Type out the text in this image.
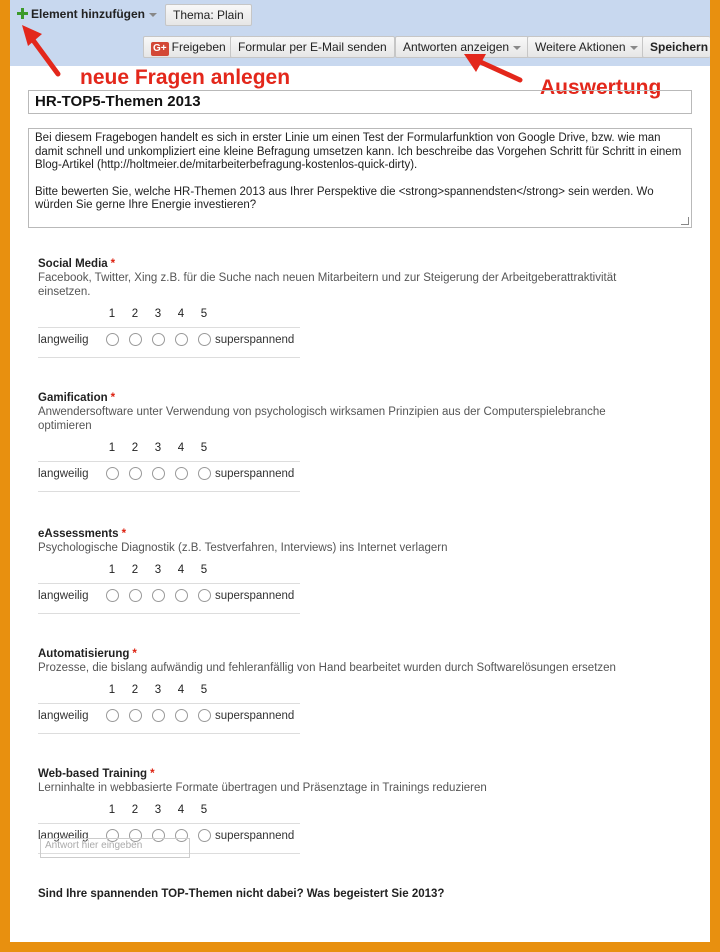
Element hinzufügen	Thema: Plain
G+ Freigeben	Formular per E-Mail senden	Antworten anzeigen	Weitere Aktionen	Speichern
neue Fragen anlegen	Auswertung
HR-TOP5-Themen 2013

Bei diesem Fragebogen handelt es sich in erster Linie um einen Test der Formularfunktion von Google Drive, bzw. wie man damit schnell und unkompliziert eine kleine Befragung umsetzen kann. Ich beschreibe das Vorgehen Schritt für Schritt in einem Blog-Artikel (http://holtmeier.de/mitarbeiterbefragung-kostenlos-quick-dirty).

Bitte bewerten Sie, welche HR-Themen 2013 aus Ihrer Perspektive die <strong>spannendsten</strong> sein werden. Wo würden Sie gerne Ihre Energie investieren?

Social Media *
Facebook, Twitter, Xing z.B. für die Suche nach neuen Mitarbeitern und zur Steigerung der Arbeitgeberattraktivität einsetzen.
1	2	3	4	5
langweilig	superspannend
Gamification *
Anwendersoftware unter Verwendung von psychologisch wirksamen Prinzipien aus der Computerspielebranche optimieren
1	2	3	4	5
langweilig	superspannend
eAssessments *
Psychologische Diagnostik (z.B. Testverfahren, Interviews) ins Internet verlagern
1	2	3	4	5
langweilig	superspannend
Automatisierung *
Prozesse, die bislang aufwändig und fehleranfällig von Hand bearbeitet wurden durch Softwarelösungen ersetzen
1	2	3	4	5
langweilig	superspannend
Web-based Training *
Lerninhalte in webbasierte Formate übertragen und Präsenztage in Trainings reduzieren
1	2	3	4	5
langweilig	superspannend
Sind Ihre spannenden TOP-Themen nicht dabei? Was begeistert Sie 2013?
Antwort hier eingeben
